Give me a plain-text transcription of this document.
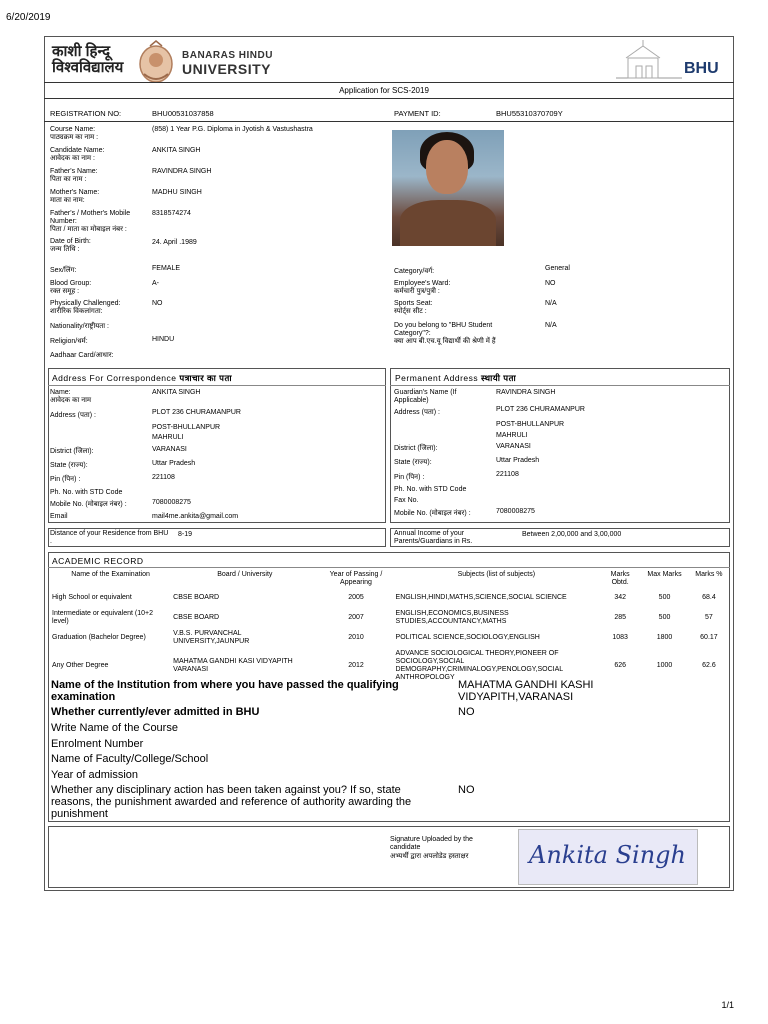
6/20/2019
1/1
काशी हिन्दू
विश्वविद्यालय
BANARAS HINDU
UNIVERSITY	BHU
Application for SCS-2019
REGISTRATION NO:	BHU00531037858	PAYMENT ID:	BHU55310370709Y
Course Name:
पाठ्यक्रम का नाम :
(858) 1 Year P.G. Diploma in Jyotish & Vastushastra
Candidate Name:
आवेदक का नाम :
ANKITA SINGH
Father's Name:
पिता का नाम :
RAVINDRA SINGH
Mother's Name:
माता का नाम:
MADHU SINGH
Father's / Mother's Mobile Number:
पिता / माता का मोबाइल नंबर :
8318574274
Date of Birth:
जन्म तिथि :
24. April .1989
Sex/लिंग:	FEMALE
Blood Group:
रक्त समूह :
A-
Physically Challenged:
शारीरिक विकलांगता:
NO
Nationality/राष्ट्रीयता :
Religion/धर्म:	HINDU
Aadhaar Card/आधार:
Category/वर्ग:	General
Employee's Ward:
कर्मचारी पुत्र/पुत्री :
NO
Sports Seat:
स्पोर्ट्स सीट :
N/A
Do you belong to "BHU Student Category"?:
क्या आप बी.एच.यू विद्यार्थी की श्रेणी में हैं
N/A
Address For Correspondence पत्राचार का पता
Name:
आवेदक का नाम
ANKITA SINGH
Address (पता) :	PLOT 236 CHURAMANPUR
POST-BHULLANPUR
MAHRULI
District (जिला):	VARANASI
State (राज्य):	Uttar Pradesh
Pin (पिन) :	221108
Ph. No. with STD Code
Mobile No. (मोबाइल नंबर) :	7080008275
Email	mail4me.ankita@gmail.com
Permanent Address स्थायी पता
Guardian's Name (If Applicable)
RAVINDRA SINGH
Address (पता) :	PLOT 236 CHURAMANPUR
POST-BHULLANPUR
MAHRULI
District (जिला):	VARANASI
State (राज्य):	Uttar Pradesh
Pin (पिन) :	221108
Ph. No. with STD Code
Fax No.
Mobile No. (मोबाइल नंबर) :	7080008275
Distance of your Residence from BHU .
8-19	Annual Income of your Parents/Guardians in Rs.
Between 2,00,000 and 3,00,000
ACADEMIC RECORD
Name of the Examination	Board / University	Year of Passing / Appearing	Subjects (list of subjects)	Marks Obtd.	Max Marks	Marks %
High School or equivalent	CBSE BOARD	2005	ENGLISH,HINDI,MATHS,SCIENCE,SOCIAL SCIENCE	342	500	68.4
Intermediate or equivalent (10+2 level)	CBSE BOARD	2007	ENGLISH,ECONOMICS,BUSINESS STUDIES,ACCOUNTANCY,MATHS	285	500	57
Graduation (Bachelor Degree)	V.B.S. PURVANCHAL UNIVERSITY,JAUNPUR	2010	POLITICAL SCIENCE,SOCIOLOGY,ENGLISH	1083	1800	60.17
Any Other Degree	MAHATMA GANDHI KASI VIDYAPITH VARANASI	2012	ADVANCE SOCIOLOGICAL THEORY,PIONEER OF SOCIOLOGY,SOCIAL DEMOGRAPHY,CRIMINALOGY,PENOLOGY,SOCIAL ANTHROPOLOGY	626	1000	62.6
Name of the Institution from where you have passed the qualifying examination
MAHATMA GANDHI KASHI VIDYAPITH,VARANASI
Whether currently/ever admitted in BHU	NO
Write Name of the Course
Enrolment Number
Name of Faculty/College/School
Year of admission
Whether any disciplinary action has been taken against you? If so, state reasons, the punishment awarded and reference of authority awarding the punishment
NO
Signature Uploaded by the candidate
अभ्यर्थी द्वारा अपलोडेड हस्ताक्षर	Ankita Singh
